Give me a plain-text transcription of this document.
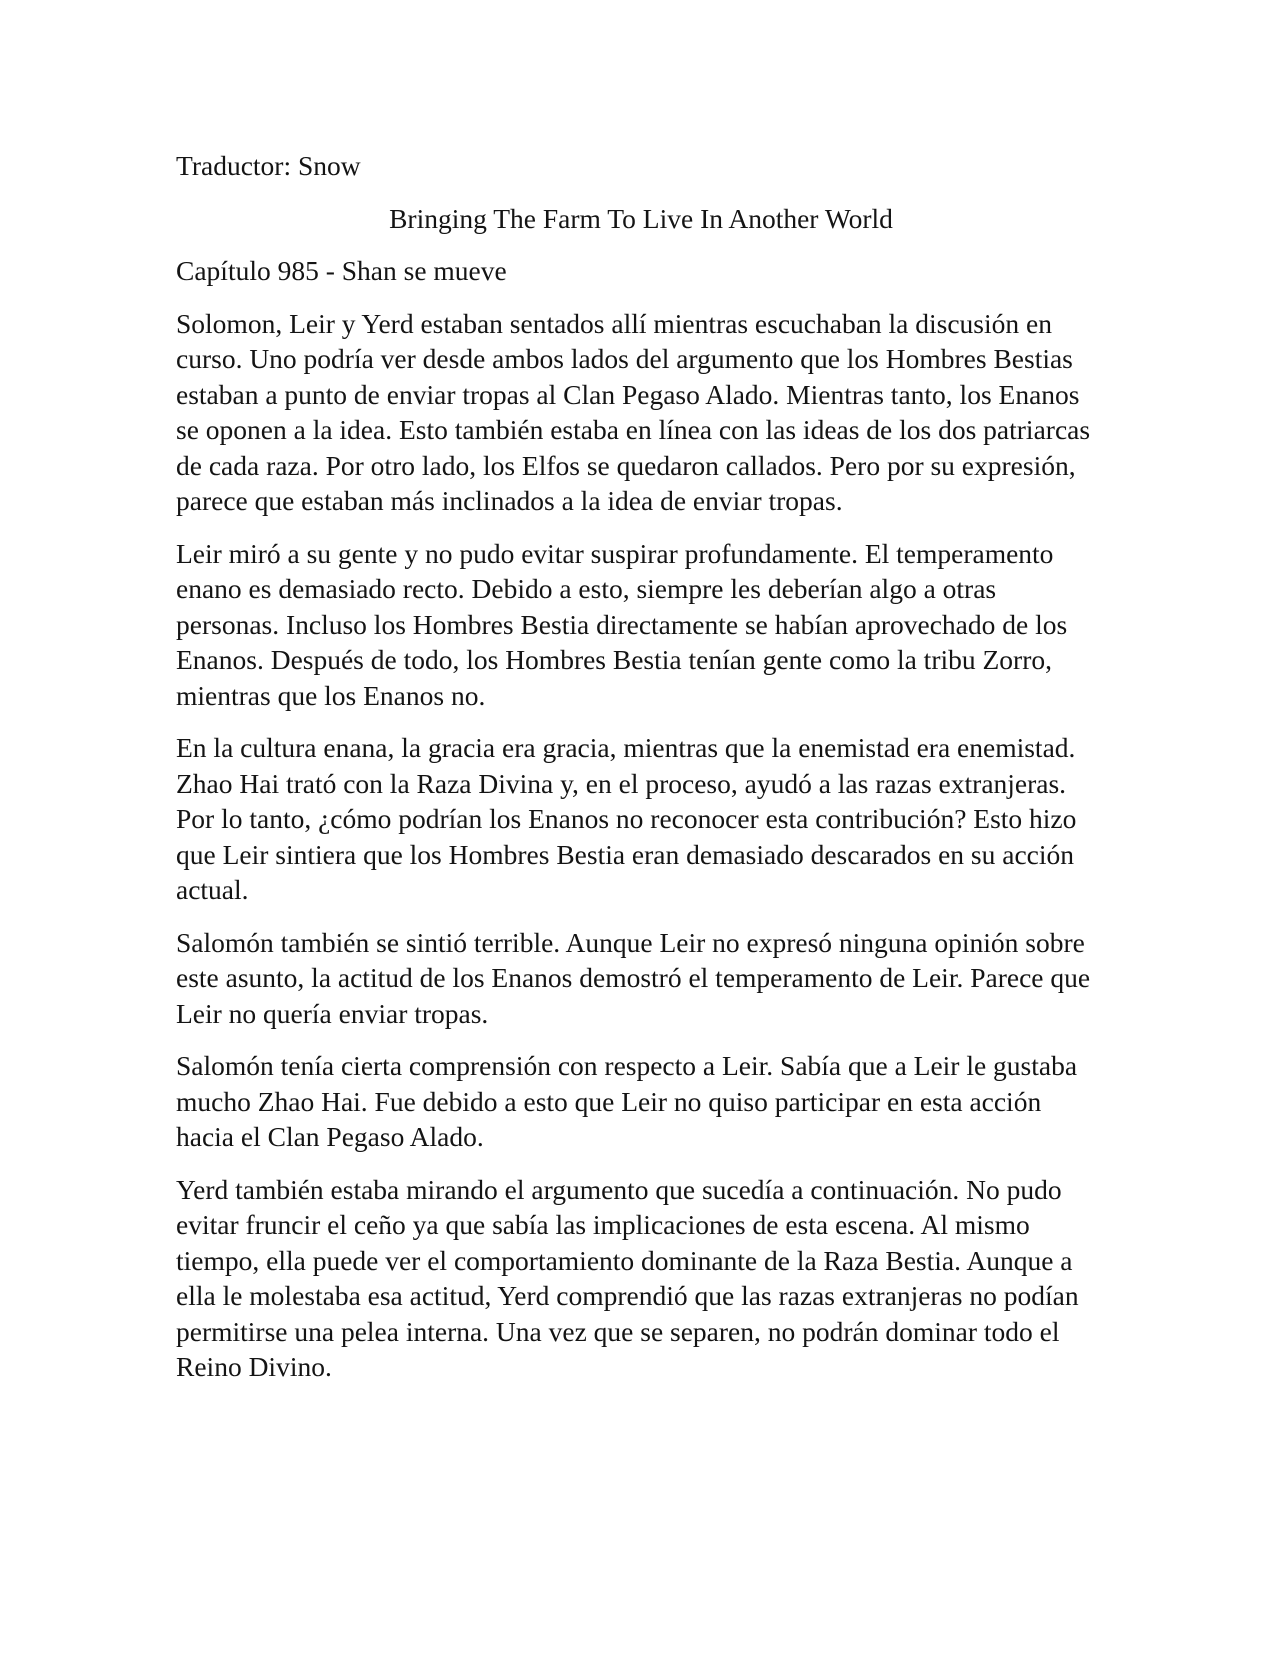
Traductor: Snow

Bringing The Farm To Live In Another World

Capítulo 985 - Shan se mueve

Solomon, Leir y Yerd estaban sentados allí mientras escuchaban la discusión en curso. Uno podría ver desde ambos lados del argumento que los Hombres Bestias estaban a punto de enviar tropas al Clan Pegaso Alado. Mientras tanto, los Enanos se oponen a la idea. Esto también estaba en línea con las ideas de los dos patriarcas de cada raza. Por otro lado, los Elfos se quedaron callados. Pero por su expresión, parece que estaban más inclinados a la idea de enviar tropas.

Leir miró a su gente y no pudo evitar suspirar profundamente. El temperamento enano es demasiado recto. Debido a esto, siempre les deberían algo a otras personas. Incluso los Hombres Bestia directamente se habían aprovechado de los Enanos. Después de todo, los Hombres Bestia tenían gente como la tribu Zorro, mientras que los Enanos no.

En la cultura enana, la gracia era gracia, mientras que la enemistad era enemistad. Zhao Hai trató con la Raza Divina y, en el proceso, ayudó a las razas extranjeras. Por lo tanto, ¿cómo podrían los Enanos no reconocer esta contribución? Esto hizo que Leir sintiera que los Hombres Bestia eran demasiado descarados en su acción actual.

Salomón también se sintió terrible. Aunque Leir no expresó ninguna opinión sobre este asunto, la actitud de los Enanos demostró el temperamento de Leir. Parece que Leir no quería enviar tropas.

Salomón tenía cierta comprensión con respecto a Leir. Sabía que a Leir le gustaba mucho Zhao Hai. Fue debido a esto que Leir no quiso participar en esta acción hacia el Clan Pegaso Alado.

Yerd también estaba mirando el argumento que sucedía a continuación. No pudo evitar fruncir el ceño ya que sabía las implicaciones de esta escena. Al mismo tiempo, ella puede ver el comportamiento dominante de la Raza Bestia. Aunque a ella le molestaba esa actitud, Yerd comprendió que las razas extranjeras no podían permitirse una pelea interna. Una vez que se separen, no podrán dominar todo el Reino Divino.
